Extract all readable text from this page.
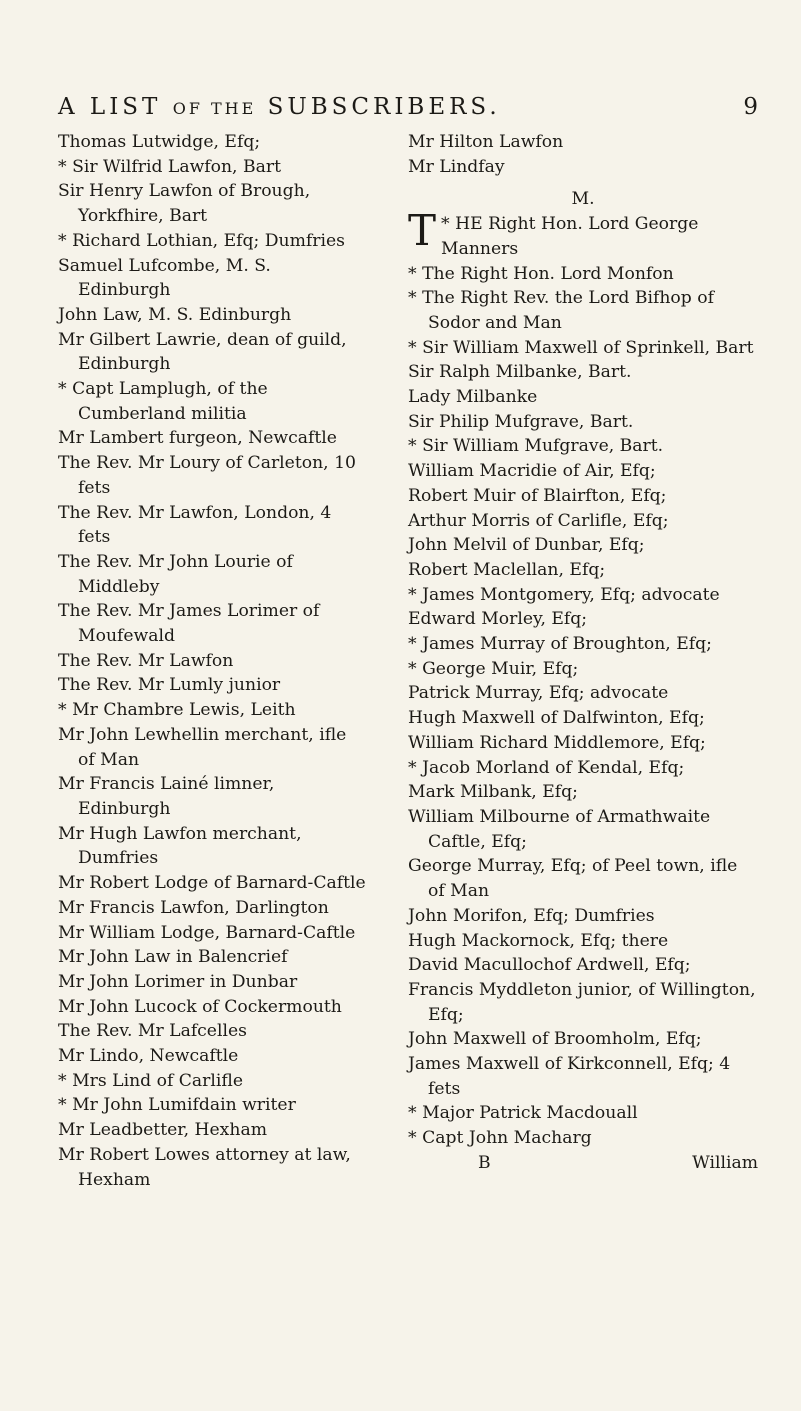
A LIST OF THE SUBSCRIBERS.	9

Thomas Lutwidge, Efq;

* Sir Wilfrid Lawfon, Bart

Sir Henry Lawfon of Brough, Yorkfhire, Bart

* Richard Lothian, Efq; Dumfries

Samuel Lufcombe, M. S. Edinburgh

John Law, M. S. Edinburgh

Mr Gilbert Lawrie, dean of guild, Edinburgh

* Capt Lamplugh, of the Cumberland militia

Mr Lambert furgeon, Newcaftle

The Rev. Mr Loury of Carleton, 10 fets

The Rev. Mr Lawfon, London, 4 fets

The Rev. Mr John Lourie of Middleby

The Rev. Mr James Lorimer of Moufewald

The Rev. Mr Lawfon

The Rev. Mr Lumly junior

* Mr Chambre Lewis, Leith

Mr John Lewhellin merchant, ifle of Man

Mr Francis Lainé limner, Edinburgh

Mr Hugh Lawfon merchant, Dumfries

Mr Robert Lodge of Barnard-Caftle

Mr Francis Lawfon, Darlington

Mr William Lodge, Barnard-Caftle

Mr John Law in Balencrief

Mr John Lorimer in Dunbar

Mr John Lucock of Cockermouth

The Rev. Mr Lafcelles

Mr Lindo, Newcaftle

* Mrs Lind of Carlifle

* Mr John Lumifdain writer

Mr Leadbetter, Hexham

Mr Robert Lowes attorney at law, Hexham

Mr Hilton Lawfon

Mr Lindfay

M.

*
T HE Right Hon. Lord George Manners

* The Right Hon. Lord Monfon

* The Right Rev. the Lord Bifhop of Sodor and Man

* Sir William Maxwell of Sprinkell, Bart

Sir Ralph Milbanke, Bart.

Lady Milbanke

Sir Philip Mufgrave, Bart.

* Sir William Mufgrave, Bart.

William Macridie of Air, Efq;

Robert Muir of Blairfton, Efq;

Arthur Morris of Carlifle, Efq;

John Melvil of Dunbar, Efq;

Robert Maclellan, Efq;

* James Montgomery, Efq; advocate

Edward Morley, Efq;

* James Murray of Broughton, Efq;

* George Muir, Efq;

Patrick Murray, Efq; advocate

Hugh Maxwell of Dalfwinton, Efq;

William Richard Middlemore, Efq;

* Jacob Morland of Kendal, Efq;

Mark Milbank, Efq;

William Milbourne of Armathwaite Caftle, Efq;

George Murray, Efq; of Peel town, ifle of Man

John Morifon, Efq; Dumfries

Hugh Mackornock, Efq; there

David Macullochof Ardwell, Efq;

Francis Myddleton junior, of Willington, Efq;

John Maxwell of Broomholm, Efq;

James Maxwell of Kirkconnell, Efq; 4 fets

* Major Patrick Macdouall

* Capt John Macharg

B	William
